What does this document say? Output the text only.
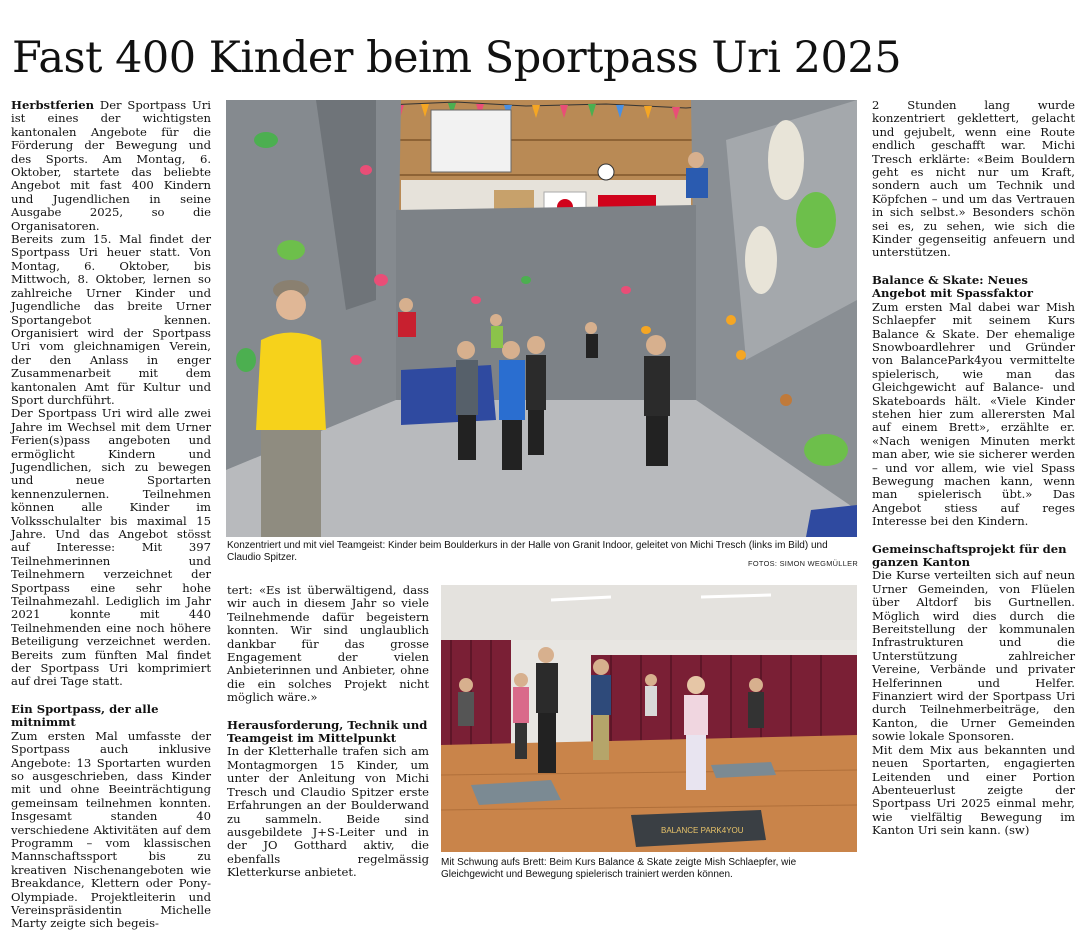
Fast 400 Kinder beim Sportpass Uri 2025

Herbstferien Der Sportpass Uri ist eines der wichtigsten kantonalen Angebote für die Förderung der Bewegung und des Sports. Am Montag, 6. Oktober, startete das beliebte Angebot mit fast 400 Kindern und Jugendlichen in seine Ausgabe 2025, so die Organisatoren.

Bereits zum 15. Mal findet der Sportpass Uri heuer statt. Von Montag, 6. Oktober, bis Mittwoch, 8. Oktober, lernen so zahlreiche Urner Kinder und Jugendliche das breite Urner Sportangebot kennen. Organisiert wird der Sportpass Uri vom gleichnamigen Verein, der den Anlass in enger Zusammenarbeit mit dem kantonalen Amt für Kultur und Sport durchführt.

Der Sportpass Uri wird alle zwei Jahre im Wechsel mit dem Urner Ferien(s)pass angeboten und ermöglicht Kindern und Jugendlichen, sich zu bewegen und neue Sportarten kennenzulernen. Teilnehmen können alle Kinder im Volksschulalter bis maximal 15 Jahre. Und das Angebot stösst auf Interesse: Mit 397 Teilnehmerinnen und Teilnehmern verzeichnet der Sportpass eine sehr hohe Teilnahmezahl. Lediglich im Jahr 2021 konnte mit 440 Teilnehmenden eine noch höhere Beteiligung verzeichnet werden. Bereits zum fünften Mal findet der Sportpass Uri komprimiert auf drei Tage statt.

Ein Sportpass, der alle mitnimmt

Zum ersten Mal umfasste der Sportpass auch inklusive Angebote: 13 Sportarten wurden so ausgeschrieben, dass Kinder mit und ohne Beeinträchtigung gemeinsam teilnehmen konnten. Insgesamt standen 40 verschiedene Aktivitäten auf dem Programm – vom klassischen Mannschaftssport bis zu kreativen Nischenangeboten wie Breakdance, Klettern oder Pony-Olympiade. Projektleiterin und Vereinspräsidentin Michelle Marty zeigte sich begeis-

Konzentriert und mit viel Teamgeist: Kinder beim Boulderkurs in der Halle von Granit Indoor, geleitet von Michi Tresch (links im Bild) und Claudio Spitzer.
FOTOS: SIMON WEGMÜLLER

tert: «Es ist überwältigend, dass wir auch in diesem Jahr so viele Teilnehmende dafür begeistern konnten. Wir sind unglaublich dankbar für das grosse Engagement der vielen Anbieterinnen und Anbieter, ohne die ein solches Projekt nicht möglich wäre.»

Herausforderung, Technik und Teamgeist im Mittelpunkt

In der Kletterhalle trafen sich am Montagmorgen 15 Kinder, um unter der Anleitung von Michi Tresch und Claudio Spitzer erste Erfahrungen an der Boulderwand zu sammeln. Beide sind ausgebildete J+S-Leiter und in der JO Gotthard aktiv, die ebenfalls regelmässig Kletterkurse anbietet.

BALANCE PARK4YOU
Mit Schwung aufs Brett: Beim Kurs Balance & Skate zeigte Mish Schlaepfer, wie Gleichgewicht und Bewegung spielerisch trainiert werden können.

2 Stunden lang wurde konzentriert geklettert, gelacht und gejubelt, wenn eine Route endlich geschafft war. Michi Tresch erklärte: «Beim Bouldern geht es nicht nur um Kraft, sondern auch um Technik und Köpfchen – und um das Vertrauen in sich selbst.» Besonders schön sei es, zu sehen, wie sich die Kinder gegenseitig anfeuern und unterstützen.

Balance & Skate: Neues Angebot mit Spassfaktor

Zum ersten Mal dabei war Mish Schlaepfer mit seinem Kurs Balance & Skate. Der ehemalige Snowboardlehrer und Gründer von BalancePark4you vermittelte spielerisch, wie man das Gleichgewicht auf Balance- und Skateboards hält. «Viele Kinder stehen hier zum allerersten Mal auf einem Brett», erzählte er. «Nach wenigen Minuten merkt man aber, wie sie sicherer werden – und vor allem, wie viel Spass Bewegung machen kann, wenn man spielerisch übt.» Das Angebot stiess auf reges Interesse bei den Kindern.

Gemeinschaftsprojekt für den ganzen Kanton

Die Kurse verteilten sich auf neun Urner Gemeinden, von Flüelen über Altdorf bis Gurtnellen. Möglich wird dies durch die Bereitstellung der kommunalen Infrastrukturen und die Unterstützung zahlreicher Vereine, Verbände und privater Helferinnen und Helfer. Finanziert wird der Sportpass Uri durch Teilnehmerbeiträge, den Kanton, die Urner Gemeinden sowie lokale Sponsoren.

Mit dem Mix aus bekannten und neuen Sportarten, engagierten Leitenden und einer Portion Abenteuerlust zeigte der Sportpass Uri 2025 einmal mehr, wie vielfältig Bewegung im Kanton Uri sein kann. (sw)
